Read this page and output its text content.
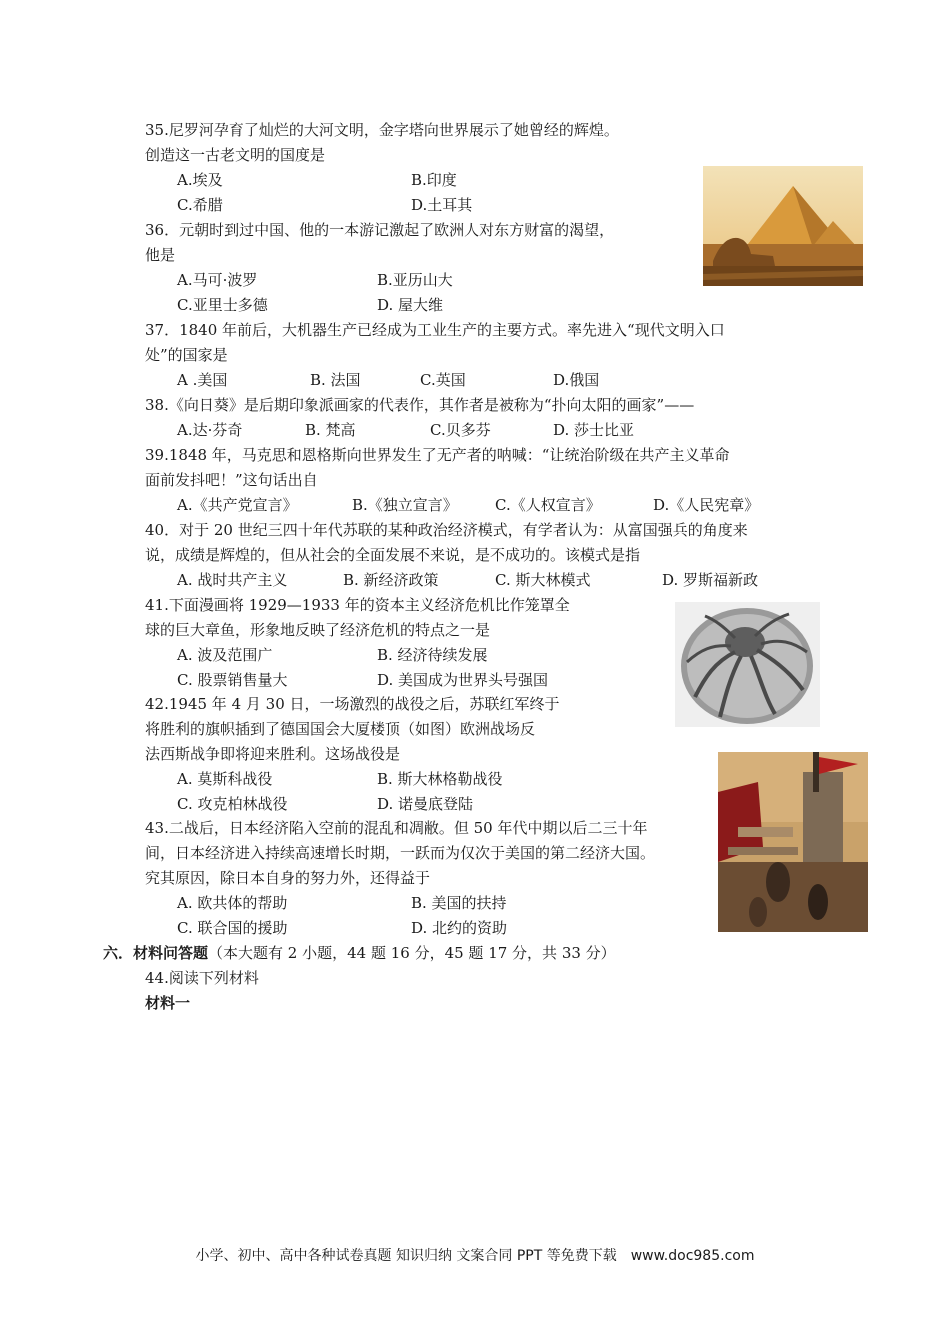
35.尼罗河孕育了灿烂的大河文明，金字塔向世界展示了她曾经的辉煌。
创造这一古老文明的国度是
A.埃及	B.印度
C.希腊	D.土耳其
36．元朝时到过中国、他的一本游记激起了欧洲人对东方财富的渴望，
他是
A.马可·波罗	B.亚历山大
C.亚里士多德	D. 屋大维
37．1840 年前后，大机器生产已经成为工业生产的主要方式。率先进入“现代文明入口
处”的国家是
A .美国	B. 法国	C.英国	D.俄国
38.《向日葵》是后期印象派画家的代表作，其作者是被称为“扑向太阳的画家”——
A.达·芬奇	B. 梵高	C.贝多芬	D. 莎士比亚
39.1848 年，马克思和恩格斯向世界发生了无产者的呐喊：“让统治阶级在共产主义革命
面前发抖吧！”这句话出自
A.《共产党宣言》	B.《独立宣言》 C.《人权宣言》	D.《人民宪章》
40．对于 20 世纪三四十年代苏联的某种政治经济模式，有学者认为：从富国强兵的角度来
说，成绩是辉煌的，但从社会的全面发展不来说，是不成功的。该模式是指
A. 战时共产主义	B. 新经济政策	C. 斯大林模式	D. 罗斯福新政
41.下面漫画将 1929—1933 年的资本主义经济危机比作笼罩全
球的巨大章鱼，形象地反映了经济危机的特点之一是
A. 波及范围广	B. 经济待续发展
C. 股票销售量大	D. 美国成为世界头号强国
42.1945 年 4 月 30 日，一场激烈的战役之后，苏联红军终于
将胜利的旗帜插到了德国国会大厦楼顶（如图）欧洲战场反
法西斯战争即将迎来胜利。这场战役是
A. 莫斯科战役	B. 斯大林格勒战役
C. 攻克柏林战役	D. 诺曼底登陆
43.二战后，日本经济陷入空前的混乱和凋敝。但 50 年代中期以后二三十年
间，日本经济进入持续高速增长时期，一跃而为仅次于美国的第二经济大国。
究其原因，除日本自身的努力外，还得益于
A. 欧共体的帮助	B. 美国的扶持
C. 联合国的援助	D. 北约的资助
六．材料问答题（本大题有 2 小题，44 题 16 分，45 题 17 分，共 33 分）
44.阅读下列材料
材料一
小学、初中、高中各种试卷真题 知识归纳 文案合同 PPT 等免费下载　www.doc985.com
